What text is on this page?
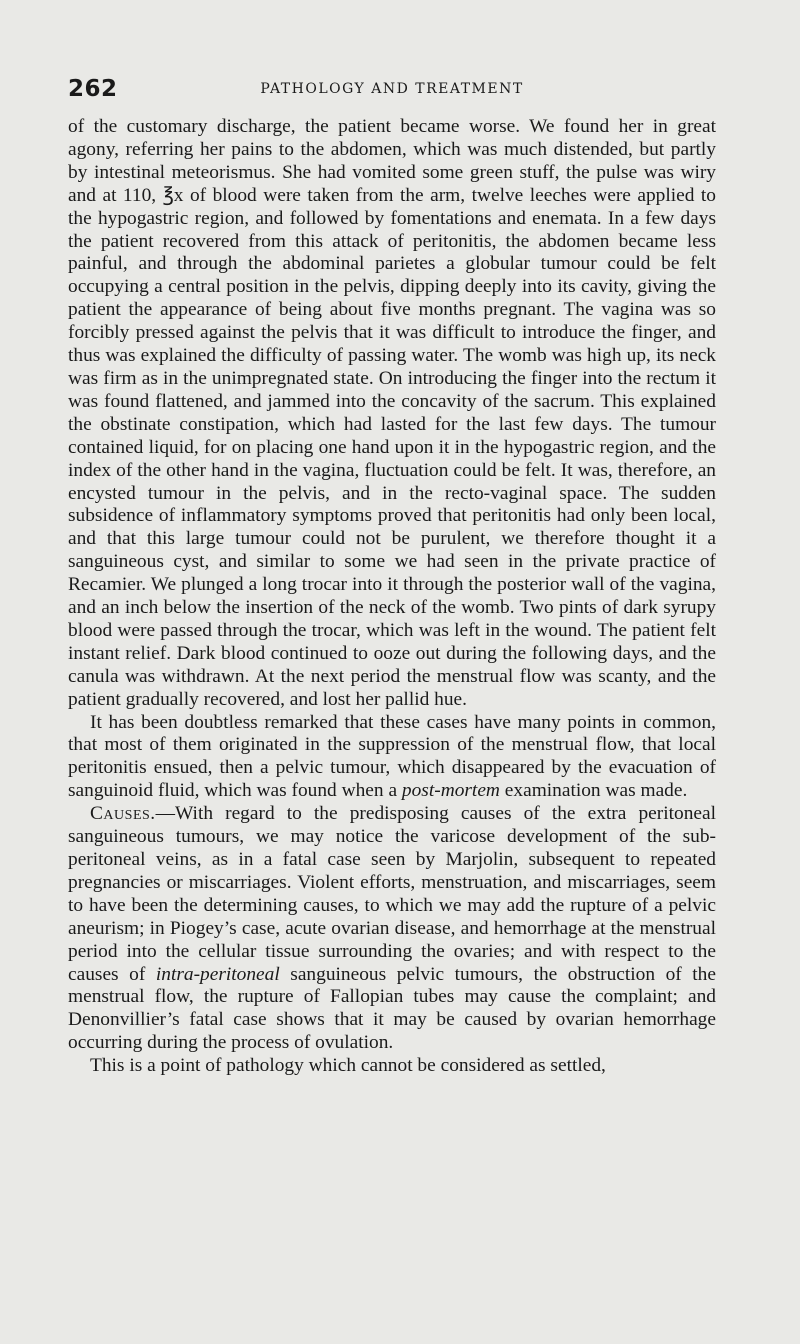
262	PATHOLOGY AND TREATMENT

of the customary discharge, the patient became worse. We found her in great agony, referring her pains to the abdomen, which was much distended, but partly by intestinal meteorismus. She had vomited some green stuff, the pulse was wiry and at 110, ℥x of blood were taken from the arm, twelve leeches were applied to the hypogastric region, and followed by fomentations and enemata. In a few days the patient recovered from this attack of peritonitis, the abdomen became less painful, and through the abdominal parietes a globular tumour could be felt occupying a central position in the pelvis, dipping deeply into its cavity, giving the patient the appearance of being about five months pregnant. The vagina was so forcibly pressed against the pelvis that it was difficult to introduce the finger, and thus was explained the difficulty of passing water. The womb was high up, its neck was firm as in the unimpregnated state. On introducing the finger into the rectum it was found flattened, and jammed into the concavity of the sacrum. This explained the obstinate constipation, which had lasted for the last few days. The tumour contained liquid, for on placing one hand upon it in the hypogastric region, and the index of the other hand in the vagina, fluctuation could be felt. It was, therefore, an encysted tumour in the pelvis, and in the recto-vaginal space. The sudden subsidence of inflammatory symptoms proved that peritonitis had only been local, and that this large tumour could not be purulent, we therefore thought it a sanguineous cyst, and similar to some we had seen in the private practice of Recamier. We plunged a long trocar into it through the posterior wall of the vagina, and an inch below the insertion of the neck of the womb. Two pints of dark syrupy blood were passed through the trocar, which was left in the wound. The patient felt instant relief. Dark blood continued to ooze out during the following days, and the canula was withdrawn. At the next period the menstrual flow was scanty, and the patient gradually recovered, and lost her pallid hue.

It has been doubtless remarked that these cases have many points in common, that most of them originated in the suppression of the menstrual flow, that local peritonitis ensued, then a pelvic tumour, which disappeared by the evacuation of sanguinoid fluid, which was found when a post-mortem examination was made.

Causes.—With regard to the predisposing causes of the extra peritoneal sanguineous tumours, we may notice the varicose development of the sub-peritoneal veins, as in a fatal case seen by Marjolin, subsequent to repeated pregnancies or miscarriages. Violent efforts, menstruation, and miscarriages, seem to have been the determining causes, to which we may add the rupture of a pelvic aneurism; in Piogey’s case, acute ovarian disease, and hemorrhage at the menstrual period into the cellular tissue surrounding the ovaries; and with respect to the causes of intra-peritoneal sanguineous pelvic tumours, the obstruction of the menstrual flow, the rupture of Fallopian tubes may cause the complaint; and Denonvillier’s fatal case shows that it may be caused by ovarian hemorrhage occurring during the process of ovulation.

This is a point of pathology which cannot be considered as settled,
